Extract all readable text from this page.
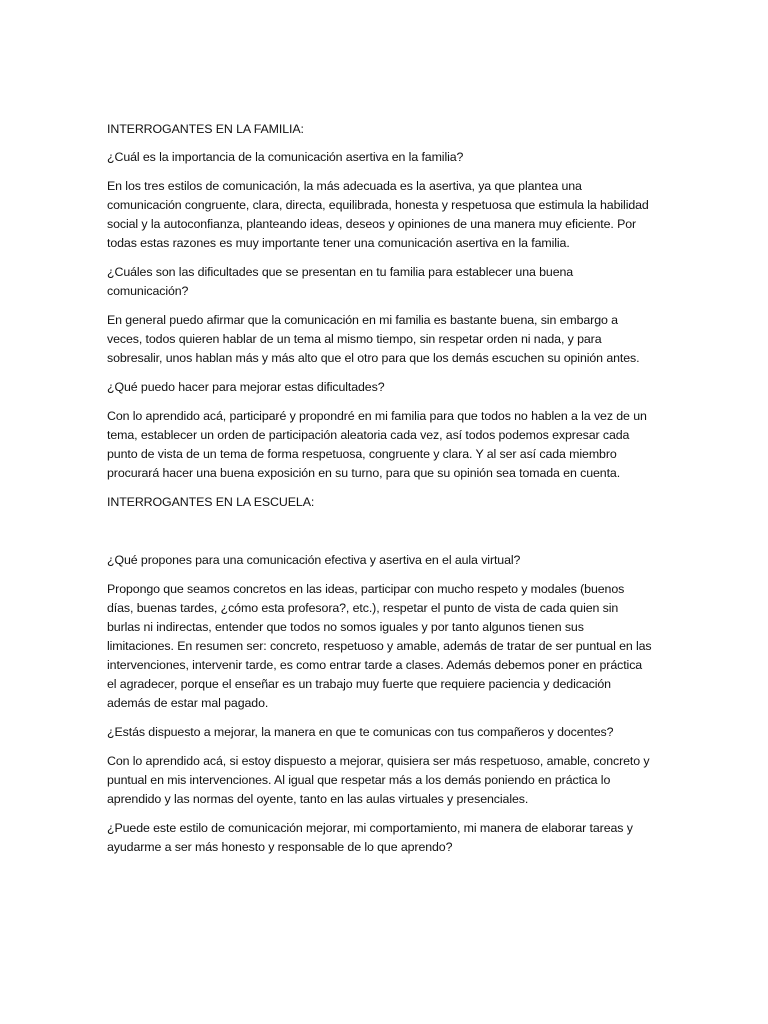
INTERROGANTES EN LA FAMILIA:

¿Cuál es la importancia de la comunicación asertiva en la familia?

En los tres estilos de comunicación, la más adecuada es la asertiva, ya que plantea una comunicación congruente, clara, directa, equilibrada, honesta y respetuosa que estimula la habilidad social y la autoconfianza, planteando ideas, deseos y opiniones de una manera muy eficiente. Por todas estas razones es muy importante tener una comunicación asertiva en la familia.

¿Cuáles son las dificultades que se presentan en tu familia para establecer una buena comunicación?

En general puedo afirmar que la comunicación en mi familia es bastante buena, sin embargo a veces, todos quieren hablar de un tema al mismo tiempo, sin respetar orden ni nada, y para sobresalir, unos hablan más y más alto que el otro para que los demás escuchen su opinión antes.

¿Qué puedo hacer para mejorar estas dificultades?

Con lo aprendido acá, participaré y propondré en mi familia para que todos no hablen a la vez de un tema, establecer un orden de participación aleatoria cada vez, así todos podemos expresar cada punto de vista de un tema de forma respetuosa, congruente y clara. Y al ser así cada miembro procurará hacer una buena exposición en su turno, para que su opinión sea tomada en cuenta.

INTERROGANTES EN LA ESCUELA:

¿Qué propones para una comunicación efectiva y asertiva en el aula virtual?

Propongo que seamos concretos en las ideas, participar con mucho respeto y modales (buenos días, buenas tardes, ¿cómo esta profesora?, etc.), respetar el punto de vista de cada quien sin burlas ni indirectas, entender que todos no somos iguales y por tanto algunos tienen sus limitaciones. En resumen ser: concreto, respetuoso y amable, además de tratar de ser puntual en las intervenciones, intervenir tarde, es como entrar tarde a clases. Además debemos poner en práctica el agradecer, porque el enseñar es un trabajo muy fuerte que requiere paciencia y dedicación además de estar mal pagado.

¿Estás dispuesto a mejorar, la manera en que te comunicas con tus compañeros y docentes?

Con lo aprendido acá, si estoy dispuesto a mejorar, quisiera ser más respetuoso, amable, concreto y puntual en mis intervenciones. Al igual que respetar más a los demás poniendo en práctica lo aprendido y las normas del oyente, tanto en las aulas virtuales y presenciales.

¿Puede este estilo de comunicación mejorar, mi comportamiento, mi manera de elaborar tareas y ayudarme a ser más honesto y responsable de lo que aprendo?
